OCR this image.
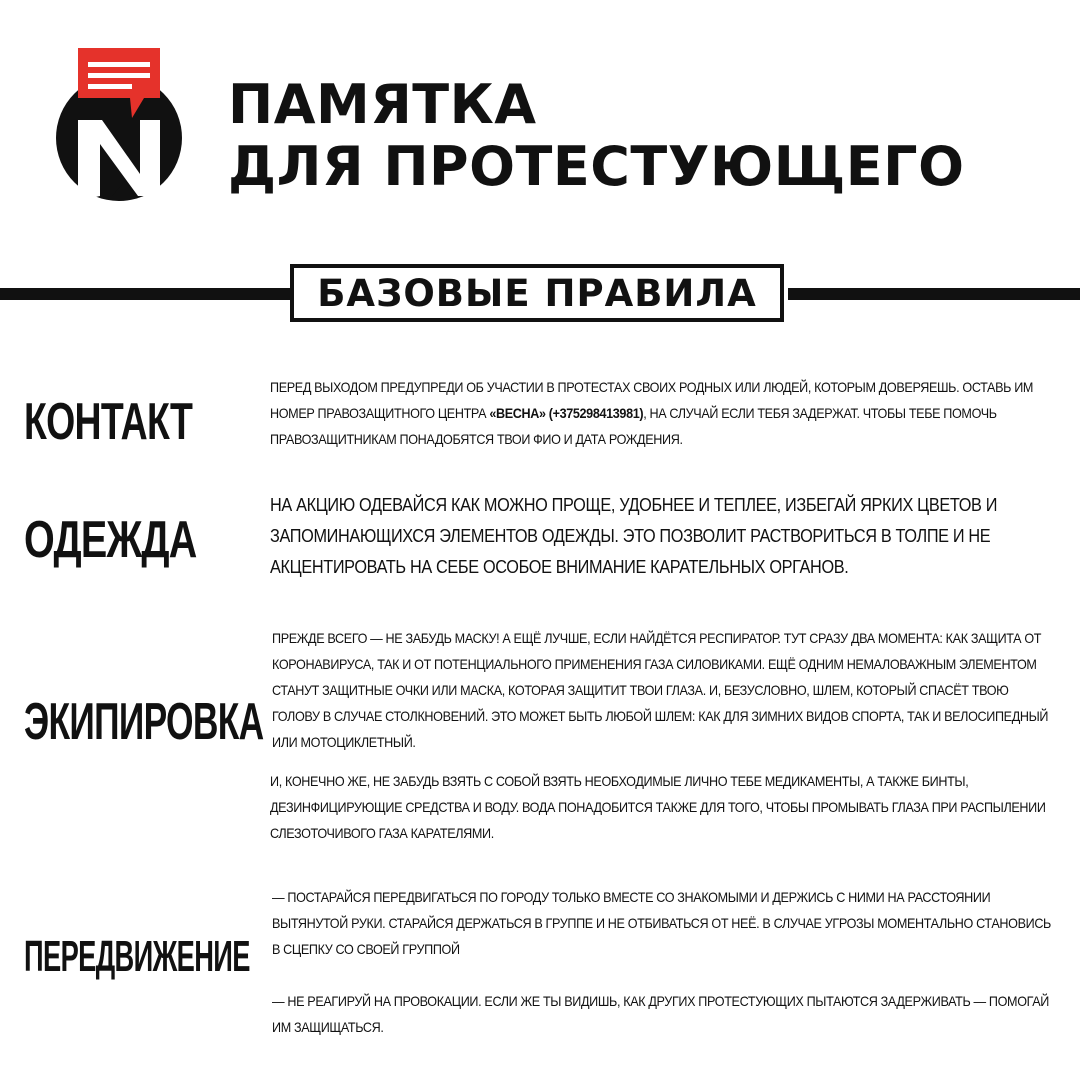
ПАМЯТКА
ДЛЯ ПРОТЕСТУЮЩЕГО
БАЗОВЫЕ ПРАВИЛА
КОНТАКТ

ПЕРЕД ВЫХОДОМ ПРЕДУПРЕДИ ОБ УЧАСТИИ В ПРОТЕСТАХ СВОИХ РОДНЫХ ИЛИ ЛЮДЕЙ, КОТОРЫМ ДОВЕРЯЕШЬ. ОСТАВЬ ИМ НОМЕР ПРАВОЗАЩИТНОГО ЦЕНТРА «ВЕСНА» (+375298413981), НА СЛУЧАЙ ЕСЛИ ТЕБЯ ЗАДЕРЖАТ. ЧТОБЫ ТЕБЕ ПОМОЧЬ ПРАВОЗАЩИТНИКАМ ПОНАДОБЯТСЯ ТВОИ ФИО И ДАТА РОЖДЕНИЯ.

ОДЕЖДА

НА АКЦИЮ ОДЕВАЙСЯ КАК МОЖНО ПРОЩЕ, УДОБНЕЕ И ТЕПЛЕЕ, ИЗБЕГАЙ ЯРКИХ ЦВЕТОВ И ЗАПОМИНАЮЩИХСЯ ЭЛЕМЕНТОВ ОДЕЖДЫ. ЭТО ПОЗВОЛИТ РАСТВОРИТЬСЯ В ТОЛПЕ И НЕ АКЦЕНТИРОВАТЬ НА СЕБЕ ОСОБОЕ ВНИМАНИЕ КАРАТЕЛЬНЫХ ОРГАНОВ.

ЭКИПИРОВКА

ПРЕЖДЕ ВСЕГО — НЕ ЗАБУДЬ МАСКУ! А ЕЩЁ ЛУЧШЕ, ЕСЛИ НАЙДЁТСЯ РЕСПИРАТОР. ТУТ СРАЗУ ДВА МОМЕНТА: КАК ЗАЩИТА ОТ КОРОНАВИРУСА, ТАК И ОТ ПОТЕНЦИАЛЬНОГО ПРИМЕНЕНИЯ ГАЗА СИЛОВИКАМИ. ЕЩЁ ОДНИМ НЕМАЛОВАЖНЫМ ЭЛЕМЕНТОМ СТАНУТ ЗАЩИТНЫЕ ОЧКИ ИЛИ МАСКА, КОТОРАЯ ЗАЩИТИТ ТВОИ ГЛАЗА. И, БЕЗУСЛОВНО, ШЛЕМ, КОТОРЫЙ СПАСЁТ ТВОЮ ГОЛОВУ В СЛУЧАЕ СТОЛКНОВЕНИЙ. ЭТО МОЖЕТ БЫТЬ ЛЮБОЙ ШЛЕМ: КАК ДЛЯ ЗИМНИХ ВИДОВ СПОРТА, ТАК И ВЕЛОСИПЕДНЫЙ ИЛИ МОТОЦИКЛЕТНЫЙ.

И, КОНЕЧНО ЖЕ, НЕ ЗАБУДЬ ВЗЯТЬ С СОБОЙ ВЗЯТЬ НЕОБХОДИМЫЕ ЛИЧНО ТЕБЕ МЕДИКАМЕНТЫ, А ТАКЖЕ БИНТЫ, ДЕЗИНФИЦИРУЮЩИЕ СРЕДСТВА И ВОДУ. ВОДА ПОНАДОБИТСЯ ТАКЖЕ ДЛЯ ТОГО, ЧТОБЫ ПРОМЫВАТЬ ГЛАЗА ПРИ РАСПЫЛЕНИИ СЛЕЗОТОЧИВОГО ГАЗА КАРАТЕЛЯМИ.

ПЕРЕДВИЖЕНИЕ

— ПОСТАРАЙСЯ ПЕРЕДВИГАТЬСЯ ПО ГОРОДУ ТОЛЬКО ВМЕСТЕ СО ЗНАКОМЫМИ И ДЕРЖИСЬ С НИМИ НА РАССТОЯНИИ ВЫТЯНУТОЙ РУКИ. СТАРАЙСЯ ДЕРЖАТЬСЯ В ГРУППЕ И НЕ ОТБИВАТЬСЯ ОТ НЕЁ. В СЛУЧАЕ УГРОЗЫ МОМЕНТАЛЬНО СТАНОВИСЬ В СЦЕПКУ СО СВОЕЙ ГРУППОЙ

— НЕ РЕАГИРУЙ НА ПРОВОКАЦИИ. ЕСЛИ ЖЕ ТЫ ВИДИШЬ, КАК ДРУГИХ ПРОТЕСТУЮЩИХ ПЫТАЮТСЯ ЗАДЕРЖИВАТЬ — ПОМОГАЙ ИМ ЗАЩИЩАТЬСЯ.
